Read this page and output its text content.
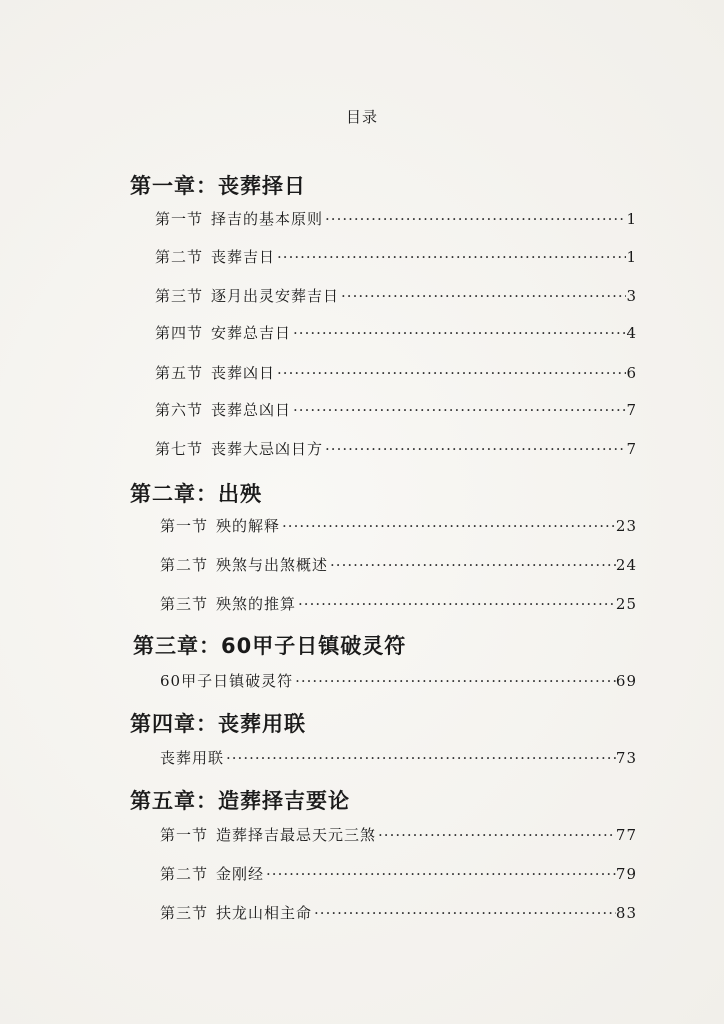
目录
第一章：丧葬择日
第一节 择吉的基本原则 ·····	1
第二节 丧葬吉日 ·····	1
第三节 逐月出灵安葬吉日 ·····	3
第四节 安葬总吉日 ·····	4
第五节 丧葬凶日 ·····	6
第六节 丧葬总凶日 ·····	7
第七节 丧葬大忌凶日方 ·····	7
第二章：出殃
第一节 殃的解释 ·····	23
第二节 殃煞与出煞概述 ·····	24
第三节 殃煞的推算 ·····	25
第三章：60甲子日镇破灵符
60甲子日镇破灵符 ·····	69
第四章：丧葬用联
丧葬用联 ·····	73
第五章：造葬择吉要论
第一节 造葬择吉最忌天元三煞 ·····	77
第二节 金刚经 ·····	79
第三节 扶龙山相主命 ·····	83
